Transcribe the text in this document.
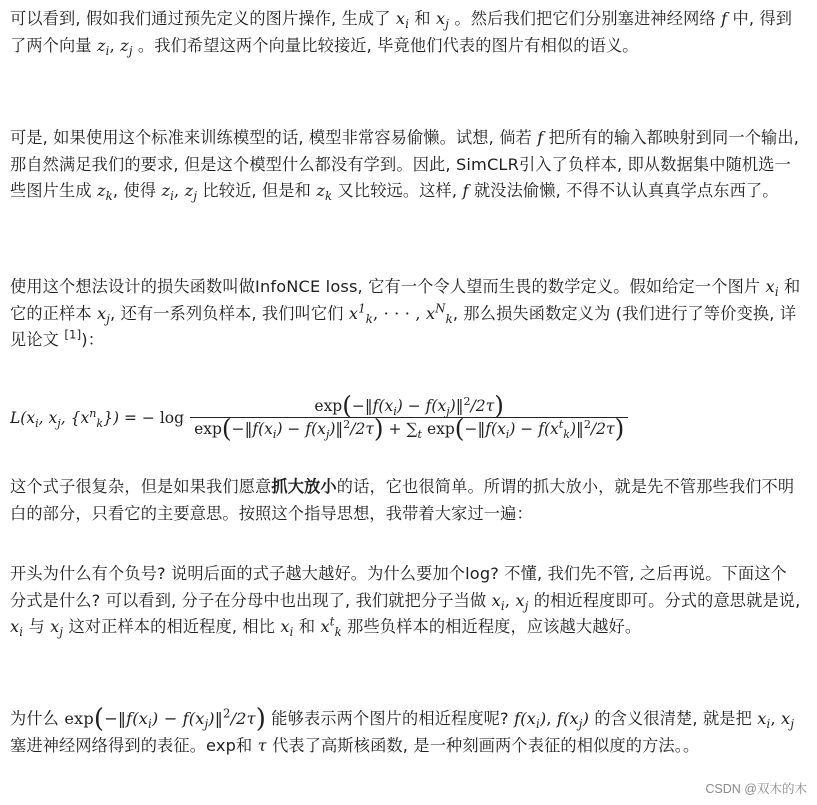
可以看到, 假如我们通过预先定义的图片操作, 生成了 $x_i$ 和 $x_j$ 。然后我们把它们分别塞进神经网络 f 中, 得到了两个向量 $z_i$, $z_j$ 。我们希望这两个向量比较接近, 毕竟他们代表的图片有相似的语义。

可是, 如果使用这个标准来训练模型的话, 模型非常容易偷懒。试想, 倘若 f 把所有的输入都映射到同一个输出, 那自然满足我们的要求, 但是这个模型什么都没有学到。因此, SimCLR引入了负样本, 即从数据集中随机选一些图片生成 $z_k$, 使得 $z_i$, $z_j$ 比较近, 但是和 $z_k$ 又比较远。这样, f 就没法偷懒, 不得不认认真真学点东西了。

使用这个想法设计的损失函数叫做InfoNCE loss, 它有一个令人望而生畏的数学定义。假如给定一个图片 $x_i$ 和它的正样本 $x_j$, 还有一系列负样本, 我们叫它们 $x^1_k$, · · · , $x^N_k$, 那么损失函数定义为 (我们进行了等价变换, 详见论文 [1])：

$L(x_i$, $x_j$, $\{x^n_k\}$) = − $\log \frac{\exp(-‖f(x_i) - f(x_j)‖^2/2\tau)}{\exp(-‖f(x_i) - f(x_j)‖^2/2\tau) + \sum_t \exp(-‖f(x_i) - f(x^t_k)‖^2/2\tau)}$

这个式子很复杂，但是如果我们愿意抓大放小的话，它也很简单。所谓的抓大放小，就是先不管那些我们不明白的部分，只看它的主要意思。按照这个指导思想，我带着大家过一遍：

开头为什么有个负号? 说明后面的式子越大越好。为什么要加个log? 不懂, 我们先不管, 之后再说。下面这个分式是什么? 可以看到, 分子在分母中也出现了, 我们就把分子当做 $x_i$, $x_j$ 的相近程度即可。分式的意思就是说, $x_i$ 与 $x_j$ 这对正样本的相近程度, 相比 $x_i$ 和 $x^t_k$ 那些负样本的相近程度，应该越大越好。

为什么 $\exp(-‖f(x_i)$ − $f(x_j)‖^2/2\tau$) 能够表示两个图片的相近程度呢? $f(x_i)$, $f(x_j)$ 的含义很清楚, 就是把 $x_i$, $x_j$ 塞进神经网络得到的表征。exp和 τ 代表了高斯核函数, 是一种刻画两个表征的相似度的方法。。

CSDN @双木的木
